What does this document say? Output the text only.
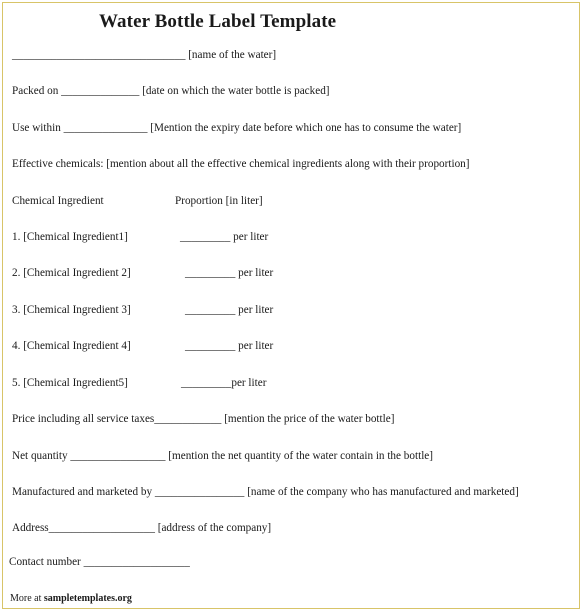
Water Bottle Label Template
_______________________________ [name of the water]
Packed on ______________ [date on which the water bottle is packed]
Use within _______________ [Mention the expiry date before which one has to consume the water]
Effective chemicals: [mention about all the effective chemical ingredients along with their proportion]
Chemical Ingredient	Proportion [in liter]
1. [Chemical Ingredient1]	_________ per liter
2. [Chemical Ingredient 2]	_________ per liter
3. [Chemical Ingredient 3]	_________ per liter
4. [Chemical Ingredient 4]	_________ per liter
5. [Chemical Ingredient5]	_________per liter
Price including all service taxes____________ [mention the price of the water bottle]
Net quantity _________________ [mention the net quantity of the water contain in the bottle]
Manufactured and marketed by ________________ [name of the company who has manufactured and marketed]
Address___________________ [address of the company]
Contact number ___________________
More at sampletemplates.org
